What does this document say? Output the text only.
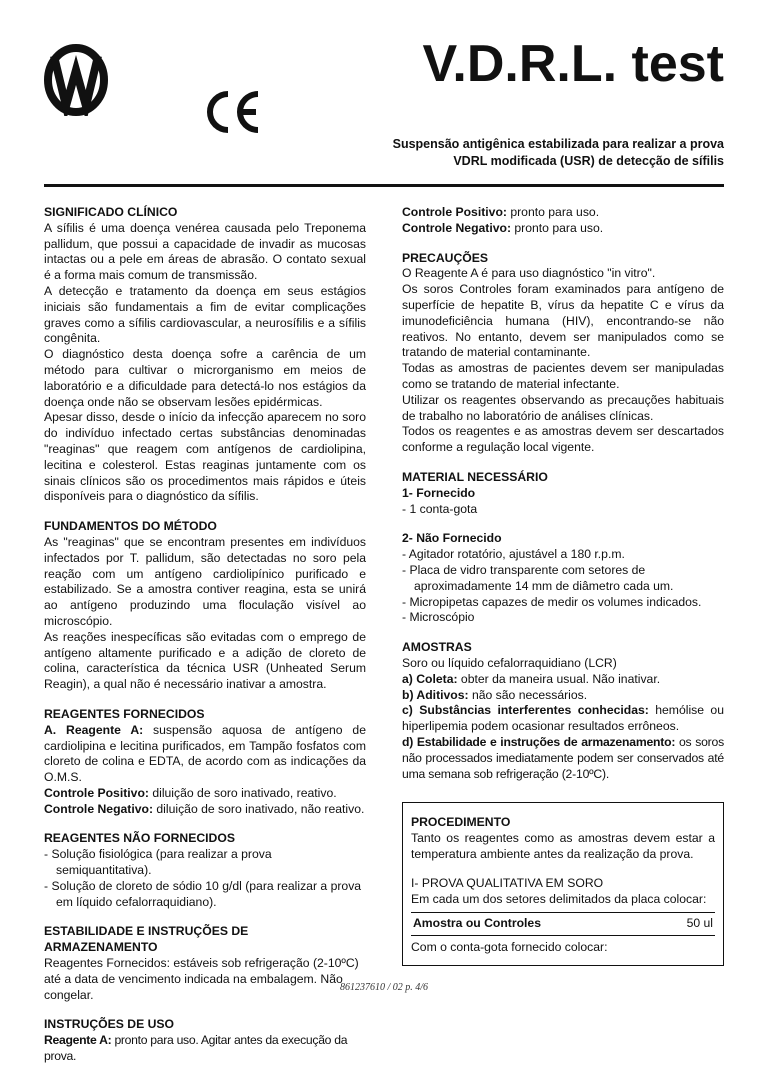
V.D.R.L. test
Suspensão antigênica estabilizada para realizar a prova
VDRL modificada (USR) de detecção de sífilis

SIGNIFICADO CLÍNICO

A sífilis é uma doença venérea causada pelo Treponema pallidum, que possui a capacidade de invadir as mucosas intactas ou a pele em áreas de abrasão. O contato sexual é a forma mais comum de transmissão.

A detecção e tratamento da doença em seus estágios iniciais são fundamentais a fim de evitar complicações graves como a sífilis cardiovascular, a neurosífilis e a sífilis congênita.

O diagnóstico desta doença sofre a carência de um método para cultivar o microrganismo em meios de laboratório e a dificuldade para detectá-lo nos estágios da doença onde não se observam lesões epidérmicas.

Apesar disso, desde o início da infecção aparecem no soro do indivíduo infectado certas substâncias denominadas "reaginas" que reagem com antígenos de cardiolipina, lecitina e colesterol. Estas reaginas juntamente com os sinais clínicos são os procedimentos mais rápidos e úteis disponíveis para o diagnóstico da sífilis.

FUNDAMENTOS DO MÉTODO

As "reaginas" que se encontram presentes em indivíduos infectados por T. pallidum, são detectadas no soro pela reação com um antígeno cardiolipínico purificado e estabilizado. Se a amostra contiver reagina, esta se unirá ao antígeno produzindo uma floculação visível ao microscópio.

As reações inespecíficas são evitadas com o emprego de antígeno altamente purificado e a adição de cloreto de colina, característica da técnica USR (Unheated Serum Reagin), a qual não é necessário inativar a amostra.

REAGENTES FORNECIDOS

A. Reagente A: suspensão aquosa de antígeno de cardiolipina e lecitina purificados, em Tampão fosfatos com cloreto de colina e EDTA, de acordo com as indicações da O.M.S.

Controle Positivo: diluição de soro inativado, reativo.

Controle Negativo: diluição de soro inativado, não reativo.

REAGENTES NÃO FORNECIDOS

- Solução fisiológica (para realizar a prova semiquantitativa).

- Solução de cloreto de sódio 10 g/dl (para realizar a prova em líquido cefalorraquidiano).

ESTABILIDADE E INSTRUÇÕES DE

ARMAZENAMENTO

Reagentes Fornecidos: estáveis sob refrigeração (2-10ºC) até a data de vencimento indicada na embalagem. Não congelar.

INSTRUÇÕES DE USO

Reagente A: pronto para uso. Agitar antes da execução da prova.

Controle Positivo: pronto para uso.

Controle Negativo: pronto para uso.

PRECAUÇÕES

O Reagente A é para uso diagnóstico "in vitro".

Os soros Controles foram examinados para antígeno de superfície de hepatite B, vírus da hepatite C e vírus da imunodeficiência humana (HIV), encontrando-se não reativos. No entanto, devem ser manipulados como se tratando de material contaminante.

Todas as amostras de pacientes devem ser manipuladas como se tratando de material infectante.

Utilizar os reagentes observando as precauções habituais de trabalho no laboratório de análises clínicas.

Todos os reagentes e as amostras devem ser descartados conforme a regulação local vigente.

MATERIAL NECESSÁRIO

1- Fornecido

- 1 conta-gota

2- Não Fornecido

- Agitador rotatório, ajustável a 180 r.p.m.

- Placa de vidro transparente com setores de aproximadamente 14 mm de diâmetro cada um.

- Micropipetas capazes de medir os volumes indicados.

- Microscópio

AMOSTRAS

Soro ou líquido cefalorraquidiano (LCR)

a) Coleta: obter da maneira usual. Não inativar.

b) Aditivos: não são necessários.

c) Substâncias interferentes conhecidas: hemólise ou hiperlipemia podem ocasionar resultados errôneos.

d) Estabilidade e instruções de armazenamento: os soros não processados imediatamente podem ser conservados até uma semana sob refrigeração (2-10ºC).

PROCEDIMENTO

Tanto os reagentes como as amostras devem estar a temperatura ambiente antes da realização da prova.

I- PROVA QUALITATIVA EM SORO

Em cada um dos setores delimitados da placa colocar:

Amostra ou Controles	50 ul

Com o conta-gota fornecido colocar:

861237610 / 02 p. 4/6
